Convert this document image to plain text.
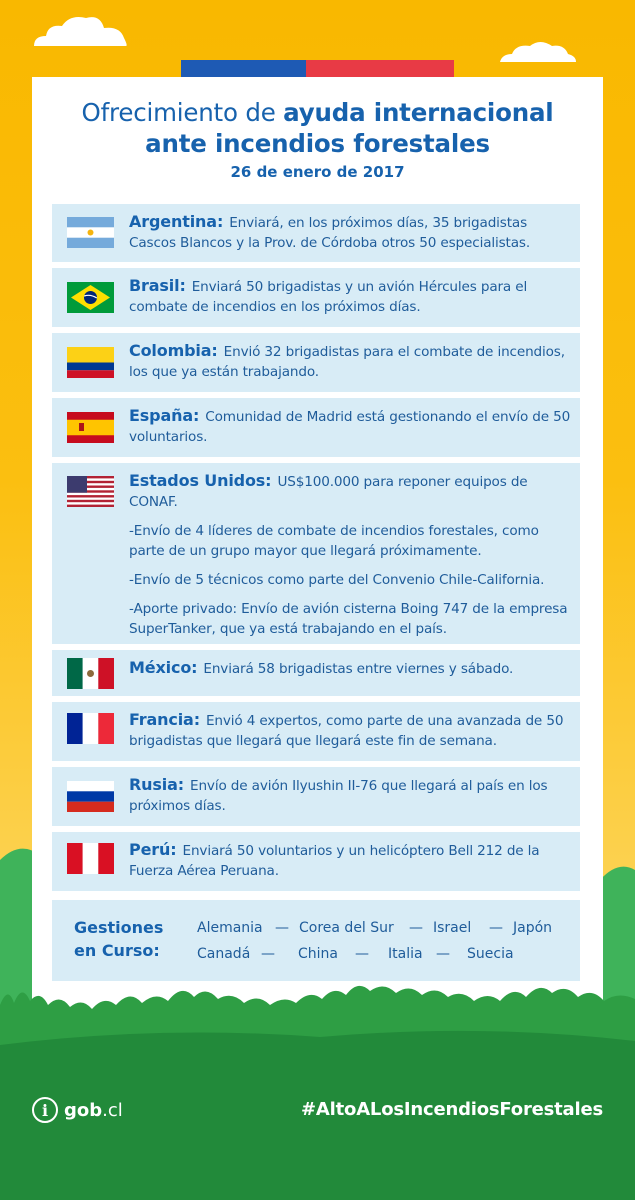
Ofrecimiento de ayuda internacional
ante incendios forestales
26 de enero de 2017
Argentina: Enviará, en los próximos días, 35 brigadistas Cascos Blancos y la Prov. de Córdoba otros 50 especialistas.
Brasil: Enviará 50 brigadistas y un avión Hércules para el combate de incendios en los próximos días.
Colombia: Envió 32 brigadistas para el combate de incendios, los que ya están trabajando.
España: Comunidad de Madrid está gestionando el envío de 50 voluntarios.
Estados Unidos: US$100.000 para reponer equipos de CONAF.
-Envío de 4 líderes de combate de incendios forestales, como parte de un grupo mayor que llegará próximamente.
-Envío de 5 técnicos como parte del Convenio Chile-California.
-Aporte privado: Envío de avión cisterna Boing 747 de la empresa SuperTanker, que ya está trabajando en el país.
México: Enviará 58 brigadistas entre viernes y sábado.
Francia: Envió 4 expertos, como parte de una avanzada de 50 brigadistas que llegará que llegará este fin de semana.
Rusia: Envío de avión Ilyushin II-76 que llegará al país en los próximos días.
Perú: Enviará 50 voluntarios y un helicóptero Bell 212 de la Fuerza Aérea Peruana.
Gestiones
en Curso:
Alemania — Corea del Sur	— Israel	— Japón
Canadá —	China	—	Italia —	Suecia
i gob.cl	#AltoALosIncendiosForestales
